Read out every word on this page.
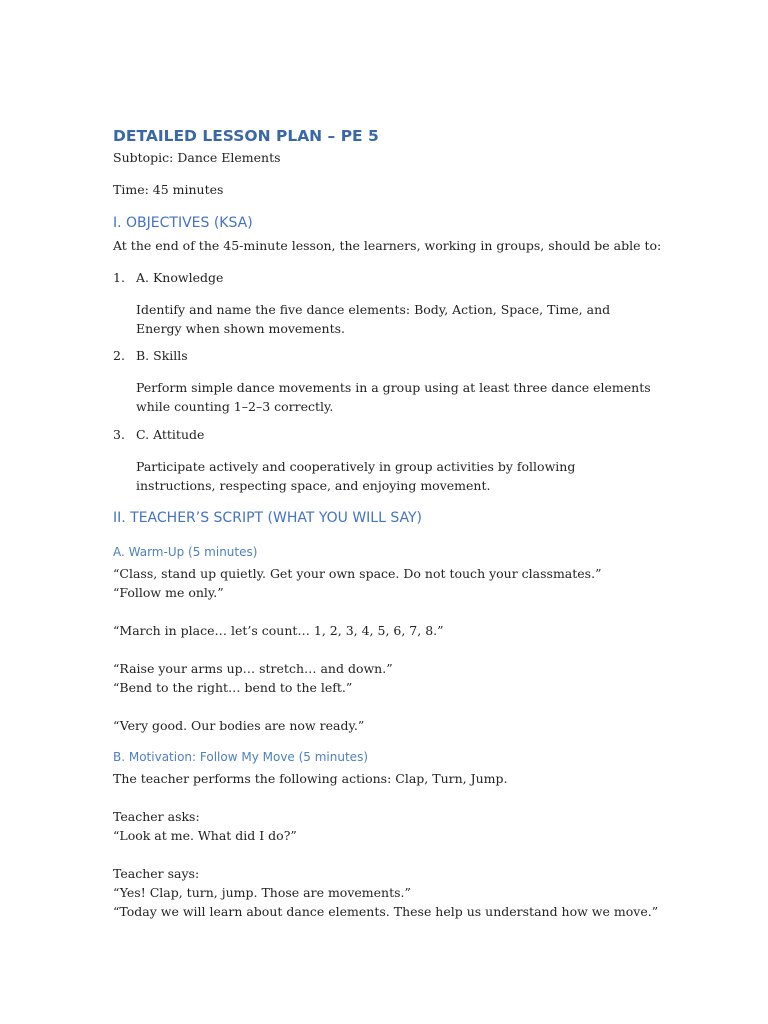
DETAILED LESSON PLAN – PE 5
Subtopic: Dance Elements
Time: 45 minutes
I. OBJECTIVES (KSA)
At the end of the 45-minute lesson, the learners, working in groups, should be able to:
1. A. Knowledge
Identify and name the five dance elements: Body, Action, Space, Time, and Energy when shown movements.
2. B. Skills
Perform simple dance movements in a group using at least three dance elements while counting 1–2–3 correctly.
3. C. Attitude
Participate actively and cooperatively in group activities by following instructions, respecting space, and enjoying movement.
II. TEACHER’S SCRIPT (WHAT YOU WILL SAY)
A. Warm-Up (5 minutes)
“Class, stand up quietly. Get your own space. Do not touch your classmates.”
“Follow me only.”
“March in place… let’s count… 1, 2, 3, 4, 5, 6, 7, 8.”
“Raise your arms up… stretch… and down.”
“Bend to the right… bend to the left.”
“Very good. Our bodies are now ready.”
B. Motivation: Follow My Move (5 minutes)
The teacher performs the following actions: Clap, Turn, Jump.
Teacher asks:
“Look at me. What did I do?”
Teacher says:
“Yes! Clap, turn, jump. Those are movements.”
“Today we will learn about dance elements. These help us understand how we move.”
